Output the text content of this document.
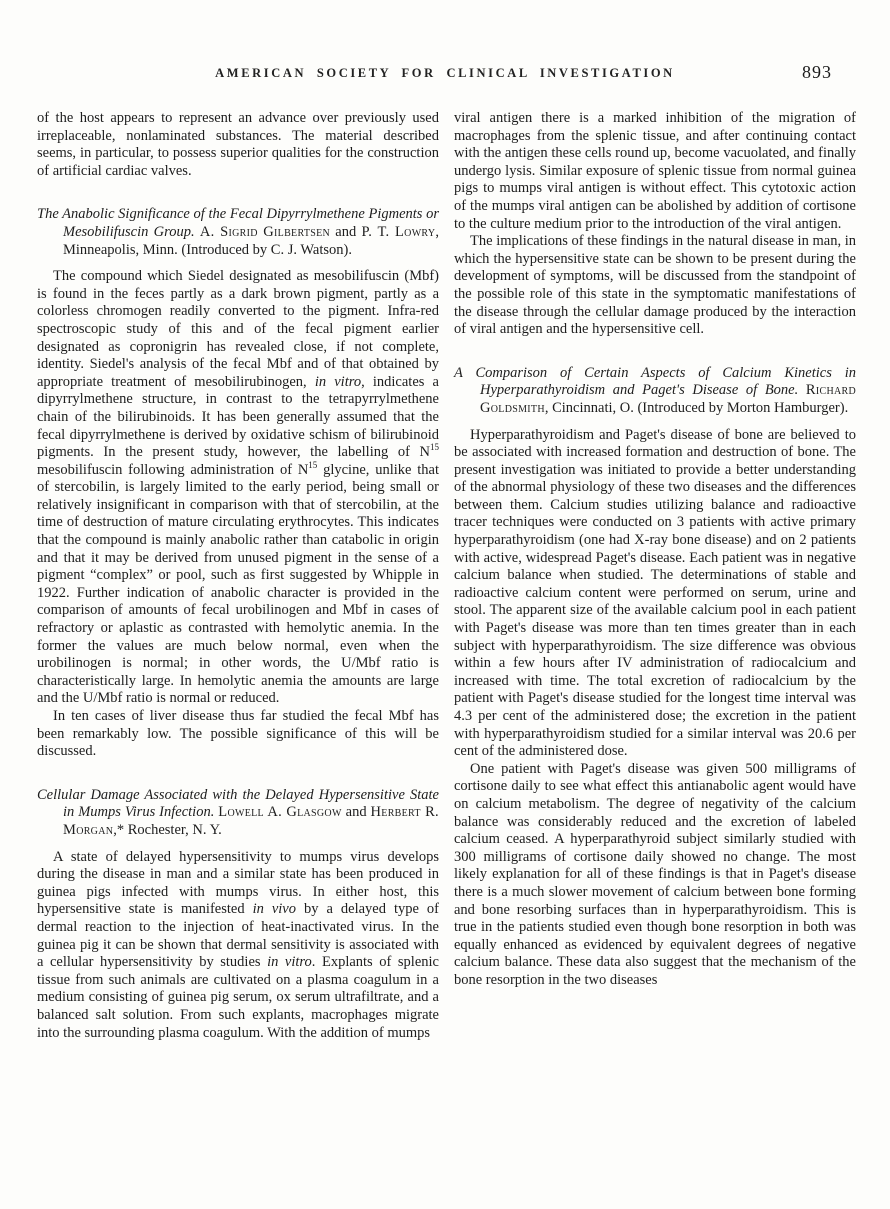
AMERICAN SOCIETY FOR CLINICAL INVESTIGATION	893

of the host appears to represent an advance over previously used irreplaceable, nonlaminated substances. The material described seems, in particular, to possess superior qualities for the construction of artificial cardiac valves.

The Anabolic Significance of the Fecal Dipyrrylmethene Pigments or Mesobilifuscin Group. A. Sigrid Gilbertsen and P. T. Lowry, Minneapolis, Minn. (Introduced by C. J. Watson).

The compound which Siedel designated as mesobilifuscin (Mbf) is found in the feces partly as a dark brown pigment, partly as a colorless chromogen readily converted to the pigment. Infra-red spectroscopic study of this and of the fecal pigment earlier designated as copronigrin has revealed close, if not complete, identity. Siedel's analysis of the fecal Mbf and of that obtained by appropriate treatment of mesobilirubinogen, in vitro, indicates a dipyrrylmethene structure, in contrast to the tetrapyrrylmethene chain of the bilirubinoids. It has been generally assumed that the fecal dipyrrylmethene is derived by oxidative schism of bilirubinoid pigments. In the present study, however, the labelling of $N^{15}$ mesobilifuscin following administration of $N^{15}$ glycine, unlike that of stercobilin, is largely limited to the early period, being small or relatively insignificant in comparison with that of stercobilin, at the time of destruction of mature circulating erythrocytes. This indicates that the compound is mainly anabolic rather than catabolic in origin and that it may be derived from unused pigment in the sense of a pigment “complex” or pool, such as first suggested by Whipple in 1922. Further indication of anabolic character is provided in the comparison of amounts of fecal urobilinogen and Mbf in cases of refractory or aplastic as contrasted with hemolytic anemia. In the former the values are much below normal, even when the urobilinogen is normal; in other words, the U/Mbf ratio is characteristically large. In hemolytic anemia the amounts are large and the U/Mbf ratio is normal or reduced.

In ten cases of liver disease thus far studied the fecal Mbf has been remarkably low. The possible significance of this will be discussed.

Cellular Damage Associated with the Delayed Hypersensitive State in Mumps Virus Infection. Lowell A. Glasgow and Herbert R. Morgan,* Rochester, N. Y.

A state of delayed hypersensitivity to mumps virus develops during the disease in man and a similar state has been produced in guinea pigs infected with mumps virus. In either host, this hypersensitive state is manifested in vivo by a delayed type of dermal reaction to the injection of heat-inactivated virus. In the guinea pig it can be shown that dermal sensitivity is associated with a cellular hypersensitivity by studies in vitro. Explants of splenic tissue from such animals are cultivated on a plasma coagulum in a medium consisting of guinea pig serum, ox serum ultrafiltrate, and a balanced salt solution. From such explants, macrophages migrate into the surrounding plasma coagulum. With the addition of mumps

viral antigen there is a marked inhibition of the migration of macrophages from the splenic tissue, and after continuing contact with the antigen these cells round up, become vacuolated, and finally undergo lysis. Similar exposure of splenic tissue from normal guinea pigs to mumps viral antigen is without effect. This cytotoxic action of the mumps viral antigen can be abolished by addition of cortisone to the culture medium prior to the introduction of the viral antigen.

The implications of these findings in the natural disease in man, in which the hypersensitive state can be shown to be present during the development of symptoms, will be discussed from the standpoint of the possible role of this state in the symptomatic manifestations of the disease through the cellular damage produced by the interaction of viral antigen and the hypersensitive cell.

A Comparison of Certain Aspects of Calcium Kinetics in Hyperparathyroidism and Paget's Disease of Bone. Richard Goldsmith, Cincinnati, O. (Introduced by Morton Hamburger).

Hyperparathyroidism and Paget's disease of bone are believed to be associated with increased formation and destruction of bone. The present investigation was initiated to provide a better understanding of the abnormal physiology of these two diseases and the differences between them. Calcium studies utilizing balance and radioactive tracer techniques were conducted on 3 patients with active primary hyperparathyroidism (one had X-ray bone disease) and on 2 patients with active, widespread Paget's disease. Each patient was in negative calcium balance when studied. The determinations of stable and radioactive calcium content were performed on serum, urine and stool. The apparent size of the available calcium pool in each patient with Paget's disease was more than ten times greater than in each subject with hyperparathyroidism. The size difference was obvious within a few hours after IV administration of radiocalcium and increased with time. The total excretion of radiocalcium by the patient with Paget's disease studied for the longest time interval was 4.3 per cent of the administered dose; the excretion in the patient with hyperparathyroidism studied for a similar interval was 20.6 per cent of the administered dose.

One patient with Paget's disease was given 500 milligrams of cortisone daily to see what effect this antianabolic agent would have on calcium metabolism. The degree of negativity of the calcium balance was considerably reduced and the excretion of labeled calcium ceased. A hyperparathyroid subject similarly studied with 300 milligrams of cortisone daily showed no change. The most likely explanation for all of these findings is that in Paget's disease there is a much slower movement of calcium between bone forming and bone resorbing surfaces than in hyperparathyroidism. This is true in the patients studied even though bone resorption in both was equally enhanced as evidenced by equivalent degrees of negative calcium balance. These data also suggest that the mechanism of the bone resorption in the two diseases
